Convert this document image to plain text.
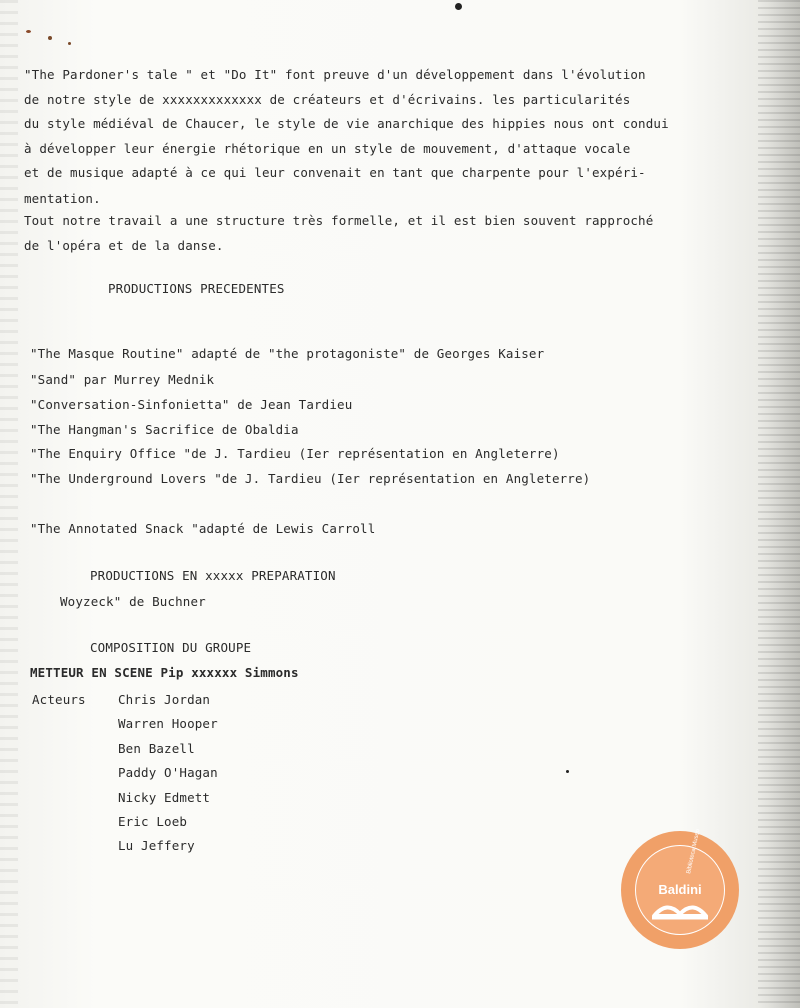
"The Pardoner's tale " et "Do It" font preuve d'un développement dans l'évolution

de notre style de xxxxxxxxxxxxx de créateurs et d'écrivains. les particularités

du style médiéval de Chaucer, le style de vie anarchique des hippies nous ont condui

à développer leur énergie rhétorique en un style de mouvement, d'attaque vocale

et de musique adapté à ce qui leur convenait en tant que charpente pour l'expéri-

mentation.

Tout notre travail a une structure très formelle, et il est bien souvent rapproché

de l'opéra et de la danse.

PRODUCTIONS PRECEDENTES

"The Masque Routine" adapté de "the protagoniste" de Georges Kaiser

"Sand" par Murrey Mednik

"Conversation-Sinfonietta" de Jean Tardieu

"The Hangman's Sacrifice de Obaldia

"The Enquiry Office "de J. Tardieu (Ier représentation en Angleterre)

"The Underground Lovers "de J. Tardieu (Ier représentation en Angleterre)

"The Annotated Snack "adapté de Lewis Carroll

PRODUCTIONS EN xxxxx PREPARATION

Woyzeck" de Buchner

COMPOSITION DU GROUPE

METTEUR EN SCENE Pip xxxxxx Simmons

Acteurs	Chris Jordan

Warren Hooper

Ben Bazell

Paddy O'Hagan

Nicky Edmett

Eric Loeb

Lu Jeffery	Biblioteca Museo
Baldini
